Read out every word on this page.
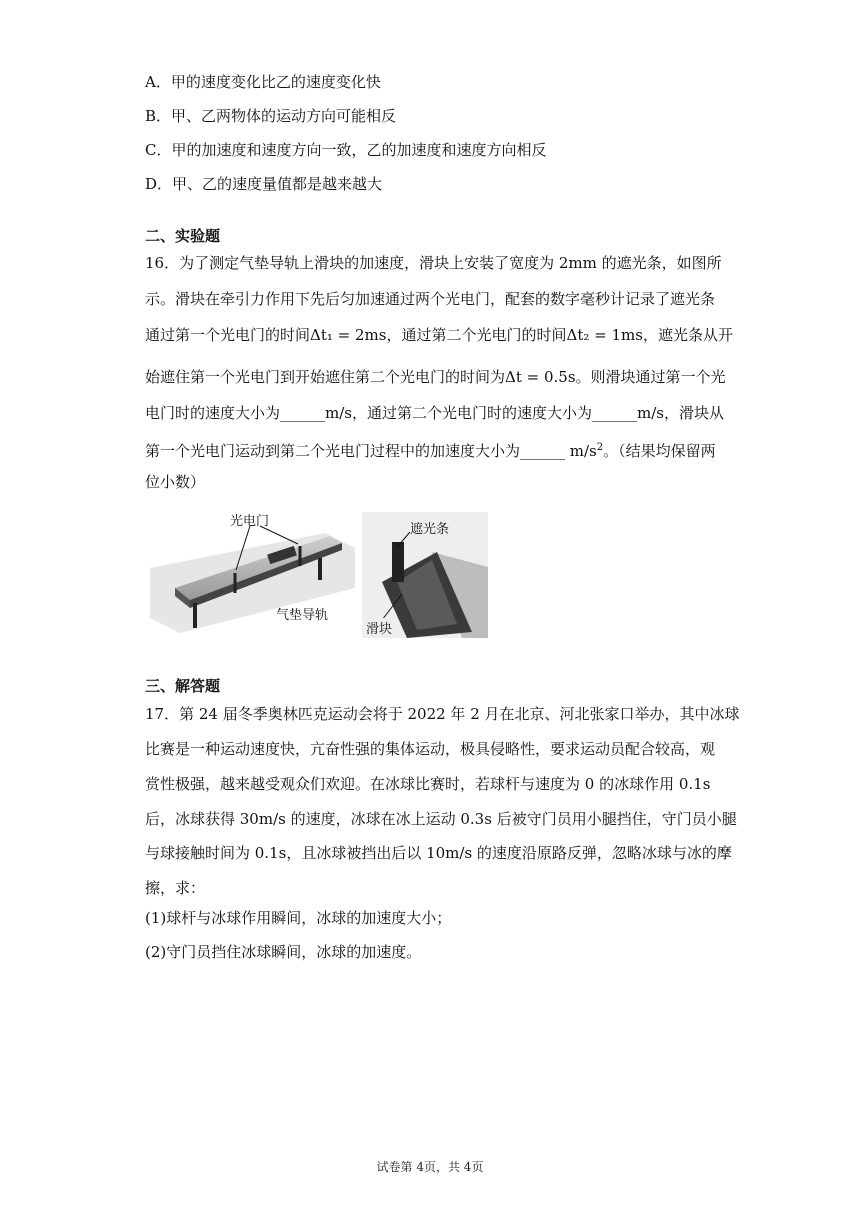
A．甲的速度变化比乙的速度变化快
B．甲、乙两物体的运动方向可能相反
C．甲的加速度和速度方向一致，乙的加速度和速度方向相反
D．甲、乙的速度量值都是越来越大
二、实验题
16．为了测定气垫导轨上滑块的加速度，滑块上安装了宽度为 2mm 的遮光条，如图所
示。滑块在牵引力作用下先后匀加速通过两个光电门，配套的数字毫秒计记录了遮光条
通过第一个光电门的时间Δt₁ = 2ms，通过第二个光电门的时间Δt₂ = 1ms，遮光条从开
始遮住第一个光电门到开始遮住第二个光电门的时间为Δt = 0.5s。则滑块通过第一个光
电门时的速度大小为______m/s，通过第二个光电门时的速度大小为______m/s，滑块从
第一个光电门运动到第二个光电门过程中的加速度大小为______ $m/s^2$。（结果均保留两
位小数）
光电门
气垫导轨
遮光条
滑块
三、解答题
17．第 24 届冬季奥林匹克运动会将于 2022 年 2 月在北京、河北张家口举办，其中冰球
比赛是一种运动速度快，亢奋性强的集体运动，极具侵略性，要求运动员配合较高，观
赏性极强，越来越受观众们欢迎。在冰球比赛时，若球杆与速度为 0 的冰球作用 0.1s
后，冰球获得 30m/s 的速度，冰球在冰上运动 0.3s 后被守门员用小腿挡住，守门员小腿
与球接触时间为 0.1s，且冰球被挡出后以 10m/s 的速度沿原路反弹，忽略冰球与冰的摩
擦，求：
(1)球杆与冰球作用瞬间，冰球的加速度大小；
(2)守门员挡住冰球瞬间，冰球的加速度。
试卷第 4页，共 4页
